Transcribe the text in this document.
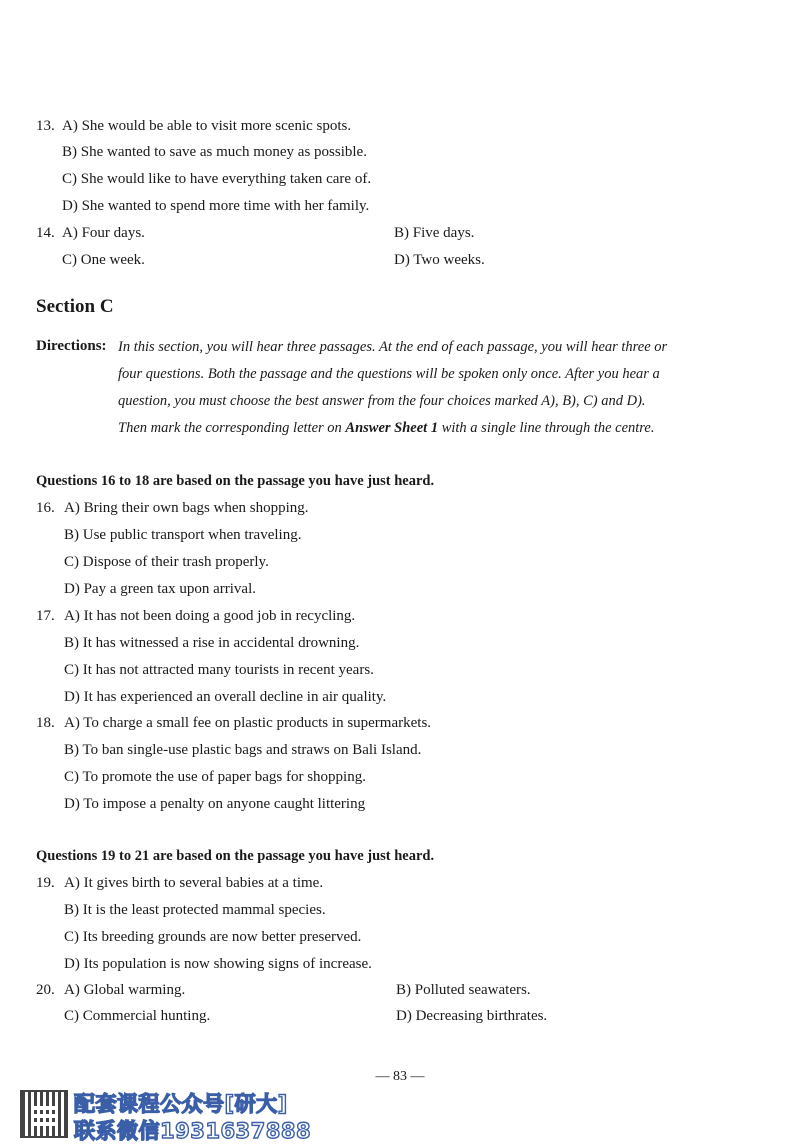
13. A) She would be able to visit more scenic spots.
B) She wanted to save as much money as possible.
C) She would like to have everything taken care of.
D) She wanted to spend more time with her family.
14. A) Four days.	B) Five days.
C) One week.	D) Two weeks.
Section C
Directions: In this section, you will hear three passages. At the end of each passage, you will hear three or
four questions. Both the passage and the questions will be spoken only once. After you hear a
question, you must choose the best answer from the four choices marked A), B), C) and D).
Then mark the corresponding letter on Answer Sheet 1 with a single line through the centre.
Questions 16 to 18 are based on the passage you have just heard.
16. A) Bring their own bags when shopping.
B) Use public transport when traveling.
C) Dispose of their trash properly.
D) Pay a green tax upon arrival.
17. A) It has not been doing a good job in recycling.
B) It has witnessed a rise in accidental drowning.
C) It has not attracted many tourists in recent years.
D) It has experienced an overall decline in air quality.
18. A) To charge a small fee on plastic products in supermarkets.
B) To ban single-use plastic bags and straws on Bali Island.
C) To promote the use of paper bags for shopping.
D) To impose a penalty on anyone caught littering
Questions 19 to 21 are based on the passage you have just heard.
19. A) It gives birth to several babies at a time.
B) It is the least protected mammal species.
C) Its breeding grounds are now better preserved.
D) Its population is now showing signs of increase.
20. A) Global warming.	B) Polluted seawaters.
C) Commercial hunting.	D) Decreasing birthrates.
— 83 —
配套课程公众号[研大]
联系微信1931637888
